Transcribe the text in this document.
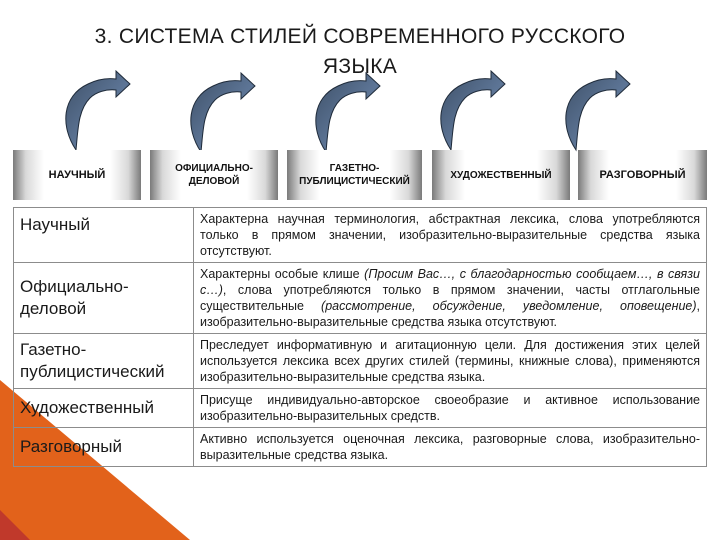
3. СИСТЕМА СТИЛЕЙ СОВРЕМЕННОГО РУССКОГО ЯЗЫКА
НАУЧНЫЙ	ОФИЦИАЛЬНО-ДЕЛОВОЙ
ГАЗЕТНО-ПУБЛИЦИСТИЧЕСКИЙ
ХУДОЖЕСТВЕННЫЙ	РАЗГОВОРНЫЙ
Научный	Характерна научная терминология, абстрактная лексика, слова употребляются только в прямом значении, изобразительно-выразительные средства языка отсутствуют.
Официально-деловой	Характерны особые клише (Просим Вас…, с благодарностью сообщаем…, в связи с…), слова употребляются только в прямом значении, часты отглагольные существительные (рассмотрение, обсуждение, уведомление, оповещение), изобразительно-выразительные средства языка отсутствуют.
Газетно-публицистический	Преследует информативную и агитационную цели. Для достижения этих целей используется лексика всех других стилей (термины, книжные слова), применяются изобразительно-выразительные средства языка.
Художественный	Присуще индивидуально-авторское своеобразие и активное использование изобразительно-выразительных средств.
Разговорный	Активно используется оценочная лексика, разговорные слова, изобразительно-выразительные средства языка.
